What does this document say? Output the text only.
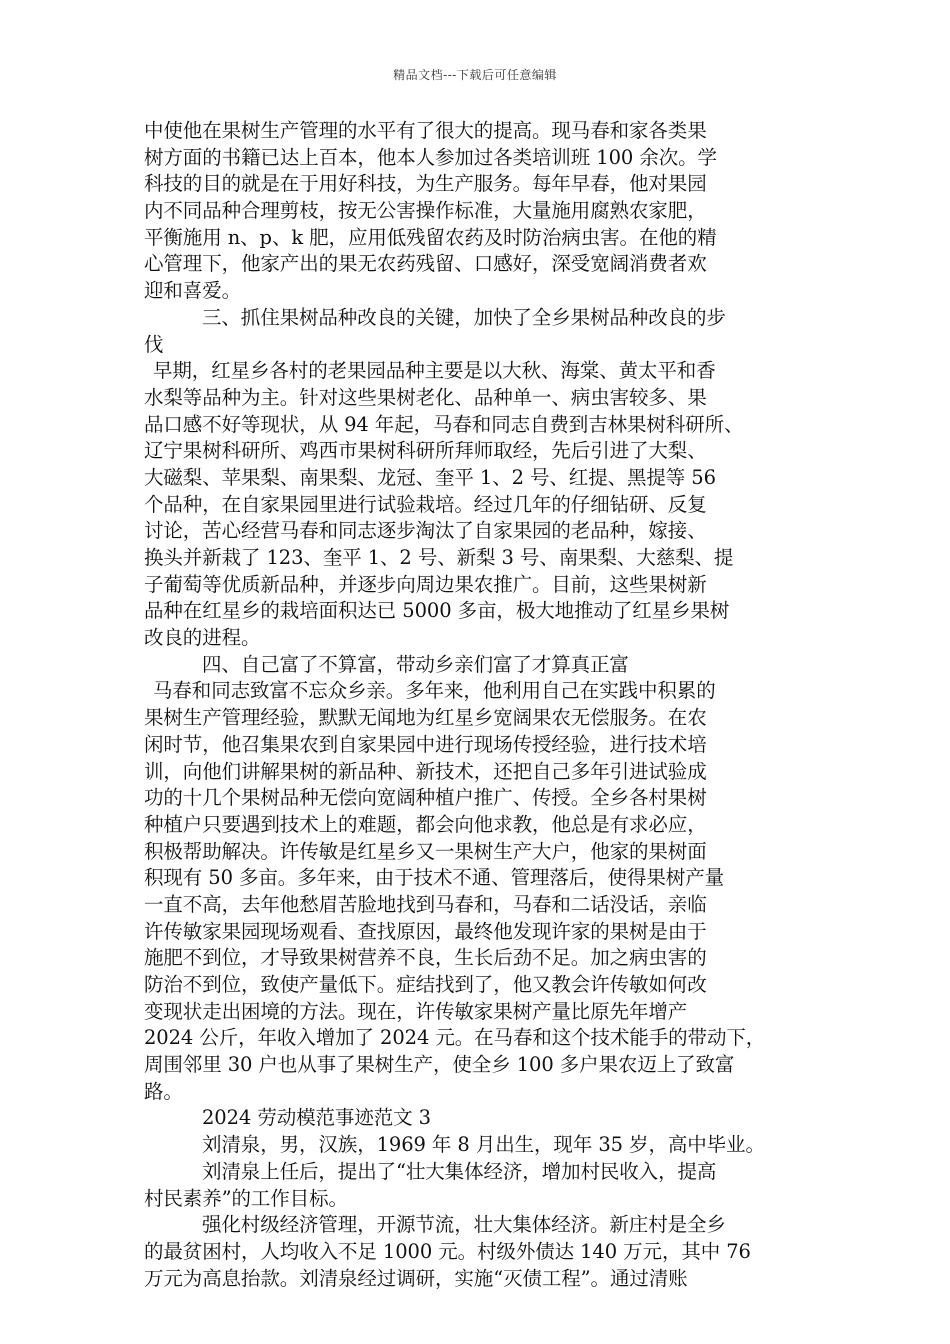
精品文档---下载后可任意编辑
中使他在果树生产管理的水平有了很大的提高。现马春和家各类果
树方面的书籍已达上百本，他本人参加过各类培训班 100 余次。学
科技的目的就是在于用好科技，为生产服务。每年早春，他对果园
内不同品种合理剪枝，按无公害操作标准，大量施用腐熟农家肥，
平衡施用 n、p、k 肥，应用低残留农药及时防治病虫害。在他的精
心管理下，他家产出的果无农药残留、口感好，深受宽阔消费者欢
迎和喜爱。
三、抓住果树品种改良的关键，加快了全乡果树品种改良的步
伐
早期，红星乡各村的老果园品种主要是以大秋、海棠、黄太平和香
水梨等品种为主。针对这些果树老化、品种单一、病虫害较多、果
品口感不好等现状，从 94 年起，马春和同志自费到吉林果树科研所、
辽宁果树科研所、鸡西市果树科研所拜师取经，先后引进了大梨、
大磁梨、苹果梨、南果梨、龙冠、奎平 1、2 号、红提、黑提等 56
个品种，在自家果园里进行试验栽培。经过几年的仔细钻研、反复
讨论，苦心经营马春和同志逐步淘汰了自家果园的老品种，嫁接、
换头并新栽了 123、奎平 1、2 号、新梨 3 号、南果梨、大慈梨、提
子葡萄等优质新品种，并逐步向周边果农推广。目前，这些果树新
品种在红星乡的栽培面积达已 5000 多亩，极大地推动了红星乡果树
改良的进程。
四、自己富了不算富，带动乡亲们富了才算真正富
马春和同志致富不忘众乡亲。多年来，他利用自己在实践中积累的
果树生产管理经验，默默无闻地为红星乡宽阔果农无偿服务。在农
闲时节，他召集果农到自家果园中进行现场传授经验，进行技术培
训，向他们讲解果树的新品种、新技术，还把自己多年引进试验成
功的十几个果树品种无偿向宽阔种植户推广、传授。全乡各村果树
种植户只要遇到技术上的难题，都会向他求教，他总是有求必应，
积极帮助解决。许传敏是红星乡又一果树生产大户，他家的果树面
积现有 50 多亩。多年来，由于技术不通、管理落后，使得果树产量
一直不高，去年他愁眉苦脸地找到马春和，马春和二话没话，亲临
许传敏家果园现场观看、查找原因，最终他发现许家的果树是由于
施肥不到位，才导致果树营养不良，生长后劲不足。加之病虫害的
防治不到位，致使产量低下。症结找到了，他又教会许传敏如何改
变现状走出困境的方法。现在，许传敏家果树产量比原先年增产
2024 公斤，年收入增加了 2024 元。在马春和这个技术能手的带动下，
周围邻里 30 户也从事了果树生产，使全乡 100 多户果农迈上了致富
路。
2024 劳动模范事迹范文 3
刘清泉，男，汉族，1969 年 8 月出生，现年 35 岁，高中毕业。
刘清泉上任后，提出了“壮大集体经济，增加村民收入，提高
村民素养”的工作目标。
强化村级经济管理，开源节流，壮大集体经济。新庄村是全乡
的最贫困村，人均收入不足 1000 元。村级外债达 140 万元，其中 76
万元为高息抬款。刘清泉经过调研，实施“灭债工程”。通过清账
